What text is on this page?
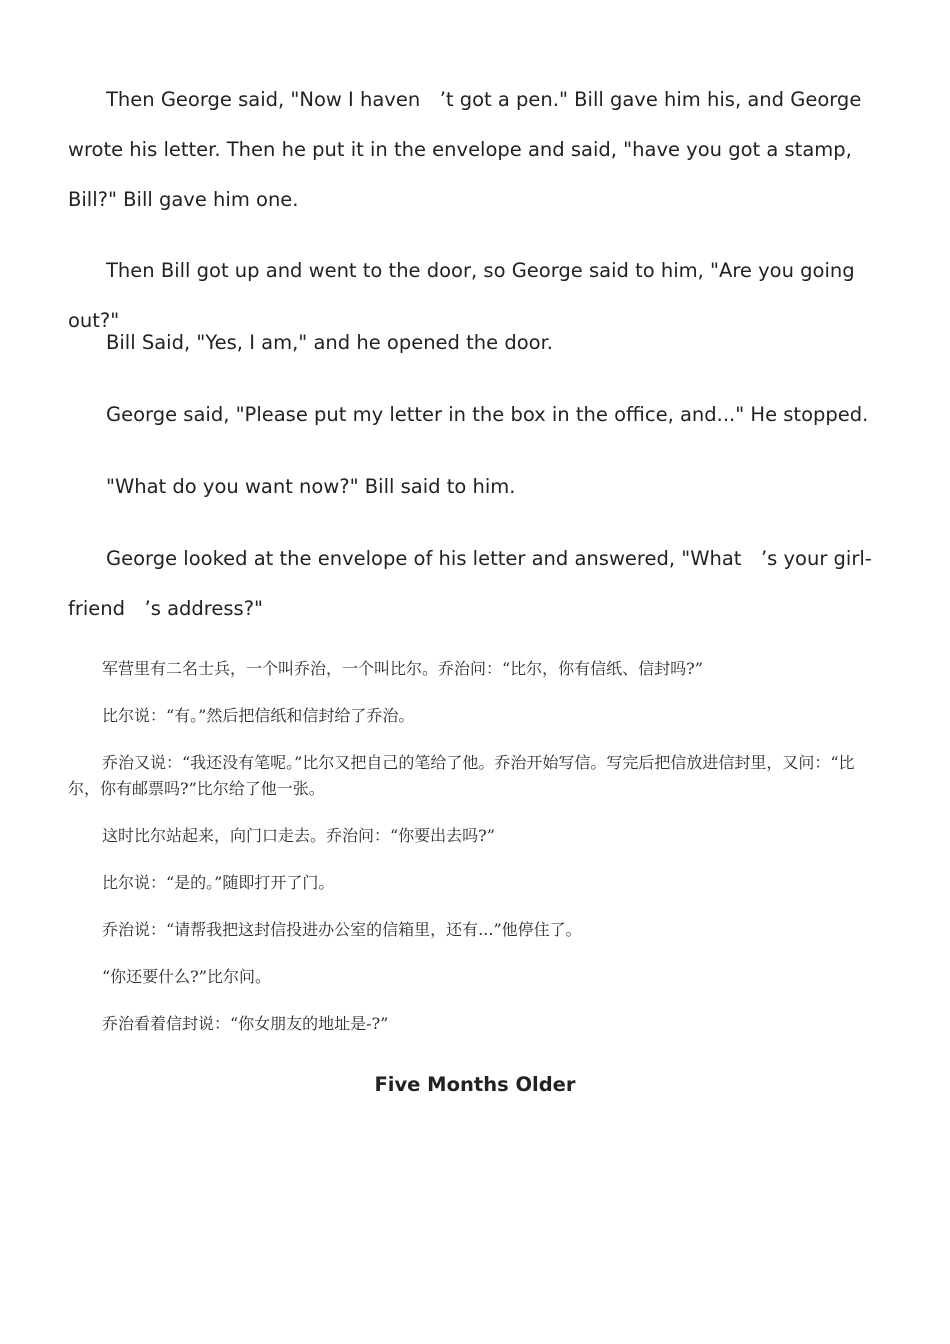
Then George said, "Now I haven　’t got a pen." Bill gave him his, and George wrote his letter. Then he put it in the envelope and said, "have you got a stamp, Bill?" Bill gave him one.

Then Bill got up and went to the door, so George said to him, "Are you going out?"

Bill Said, "Yes, I am," and he opened the door.

George said, "Please put my letter in the box in the office, and..." He stopped.

"What do you want now?" Bill said to him.

George looked at the envelope of his letter and answered, "What　’s your girl-friend　’s address?"

军营里有二名士兵，一个叫乔治，一个叫比尔。乔治问：“比尔，你有信纸、信封吗?”

比尔说：“有。”然后把信纸和信封给了乔治。

乔治又说：“我还没有笔呢。”比尔又把自己的笔给了他。乔治开始写信。写完后把信放进信封里，又问：“比尔，你有邮票吗?”比尔给了他一张。

这时比尔站起来，向门口走去。乔治问：“你要出去吗?”

比尔说：“是的。”随即打开了门。

乔治说：“请帮我把这封信投进办公室的信箱里，还有...”他停住了。

“你还要什么?”比尔问。

乔治看着信封说：“你女朋友的地址是-?”

Five Months Older
